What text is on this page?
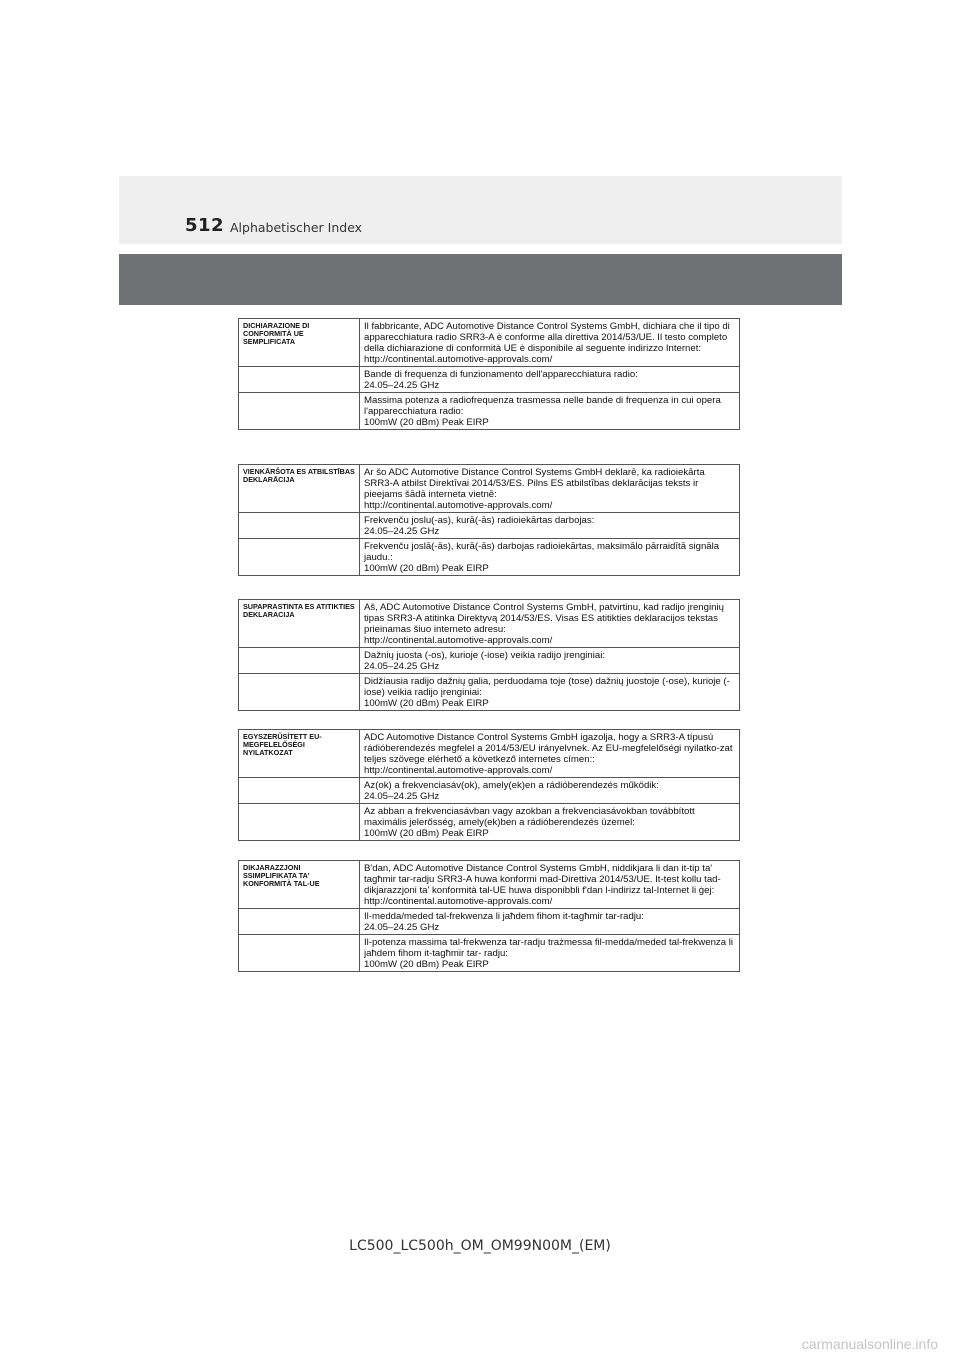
512 Alphabetischer Index
DICHIARAZIONE DI CONFORMITÀ UE SEMPLIFICATA	Il fabbricante, ADC Automotive Distance Control Systems GmbH, dichiara che il tipo di apparecchiatura radio SRR3-A è conforme alla direttiva 2014/53/UE. Il testo completo della dichiarazione di conformità UE è disponibile al seguente indirizzo Internet:
http://continental.automotive-approvals.com/

	Bande di frequenza di funzionamento dell'apparecchiatura radio:
24.05–24.25 GHz

	Massima potenza a radiofrequenza trasmessa nelle bande di frequenza in cui opera l'apparecchiatura radio:
100mW (20 dBm) Peak EIRP
VIENKĀRŠOTA ES ATBILSTĪBAS DEKLARĀCIJA	Ar šo ADC Automotive Distance Control Systems GmbH deklarē, ka radioiekārta SRR3-A atbilst Direktīvai 2014/53/ES. Pilns ES atbilstības deklarācijas teksts ir pieejams šādā interneta vietnē:
http://continental.automotive-approvals.com/

	Frekvenču joslu(-as), kurā(-ās) radioiekārtas darbojas:
24.05–24.25 GHz

	Frekvenču joslā(-ās), kurā(-ās) darbojas radioiekārtas, maksimālo pārraidītā signāla jaudu.:
100mW (20 dBm) Peak EIRP
SUPAPRASTINTA ES ATITIKTIES DEKLARACIJA	Aš, ADC Automotive Distance Control Systems GmbH, patvirtinu, kad radijo įrenginių tipas SRR3-A atitinka Direktyvą 2014/53/ES. Visas ES atitikties deklaracijos tekstas prieinamas šiuo interneto adresu:
http://continental.automotive-approvals.com/

	Dažnių juosta (-os), kurioje (-iose) veikia radijo įrenginiai:
24.05–24.25 GHz

	Didžiausia radijo dažnių galia, perduodama toje (tose) dažnių juostoje (-ose), kurioje (-iose) veikia radijo įrenginiai:
100mW (20 dBm) Peak EIRP
EGYSZERŰSÍTETT EU-MEGFELELŐSÉGI NYILATKOZAT	ADC Automotive Distance Control Systems GmbH igazolja, hogy a SRR3-A típusú rádióberendezés megfelel a 2014/53/EU irányelvnek. Az EU-megfelelőségi nyilatko-zat teljes szövege elérhető a következő internetes címen::
http://continental.automotive-approvals.com/

	Az(ok) a frekvenciasáv(ok), amely(ek)en a rádióberendezés működik:
24.05–24.25 GHz

	Az abban a frekvenciasávban vagy azokban a frekvenciasávokban továbbított maximális jelerősség, amely(ek)ben a rádióberendezés üzemel:
100mW (20 dBm) Peak EIRP
DIKJARAZZJONI SSIMPLIFIKATA TA' KONFORMITÀ TAL-UE	B'dan, ADC Automotive Distance Control Systems GmbH, niddikjara li dan it-tip ta' tagħmir tar-radju SRR3-A huwa konformi mad-Direttiva 2014/53/UE. It-test kollu tad-dikjarazzjoni ta' konformità tal-UE huwa disponibbli f'dan l-indirizz tal-Internet li ġej:
http://continental.automotive-approvals.com/

	Il-medda/meded tal-frekwenza li jaħdem fihom it-tagħmir tar-radju:
24.05–24.25 GHz

	Il-potenza massima tal-frekwenza tar-radju trażmessa fil-medda/meded tal-frekwenza li jaħdem fihom it-tagħmir tar- radju:
100mW (20 dBm) Peak EIRP
LC500_LC500h_OM_OM99N00M_(EM)
carmanualsonline.info
